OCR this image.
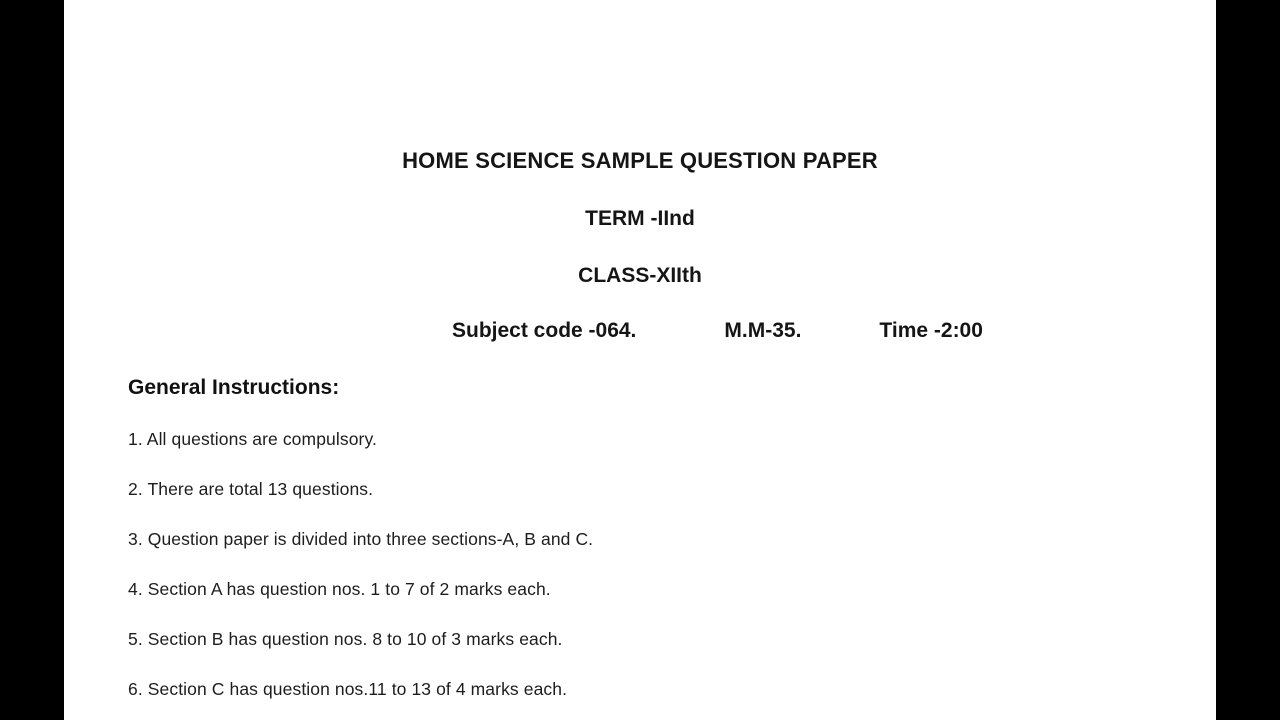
HOME SCIENCE SAMPLE QUESTION PAPER
TERM -IInd
CLASS-XIIth
Subject code -064.	M.M-35.	Time -2:00
General Instructions:
1. All questions are compulsory.
2. There are total 13 questions.
3. Question paper is divided into three sections-A, B and C.
4. Section A has question nos. 1 to 7 of 2 marks each.
5. Section B has question nos. 8 to 10 of 3 marks each.
6. Section C has question nos.11 to 13 of 4 marks each.
